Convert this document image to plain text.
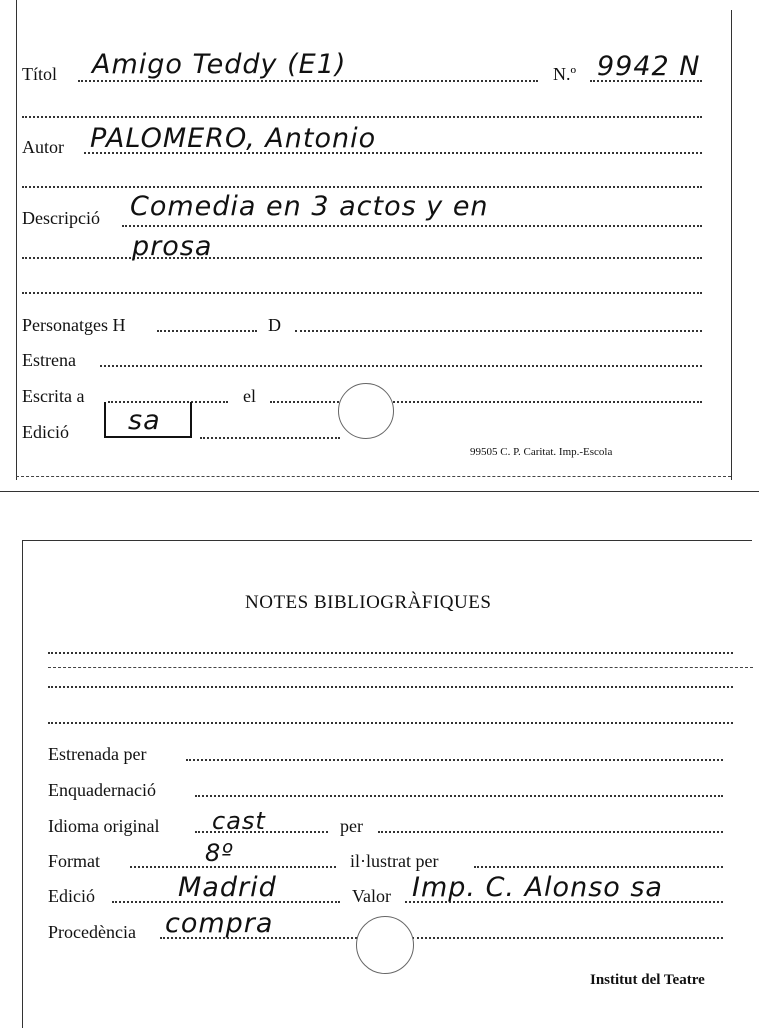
Títol Amigo Teddy (E1)	N.º 9942 N
Autor PALOMERO, Antonio
Descripció Comedia en 3 actos y en
prosa
Personatges H	D
Estrena
Escrita a	el
Edició sa
99505 C. P. Caritat. Imp.-Escola
NOTES BIBLIOGRÀFIQUES
Estrenada per
Enquadernació
Idioma original cast	per
Format	8º	il·lustrat per
Edició	Madrid	Valor Imp. C. Alonso sa
Procedència compra
Institut del Teatre
